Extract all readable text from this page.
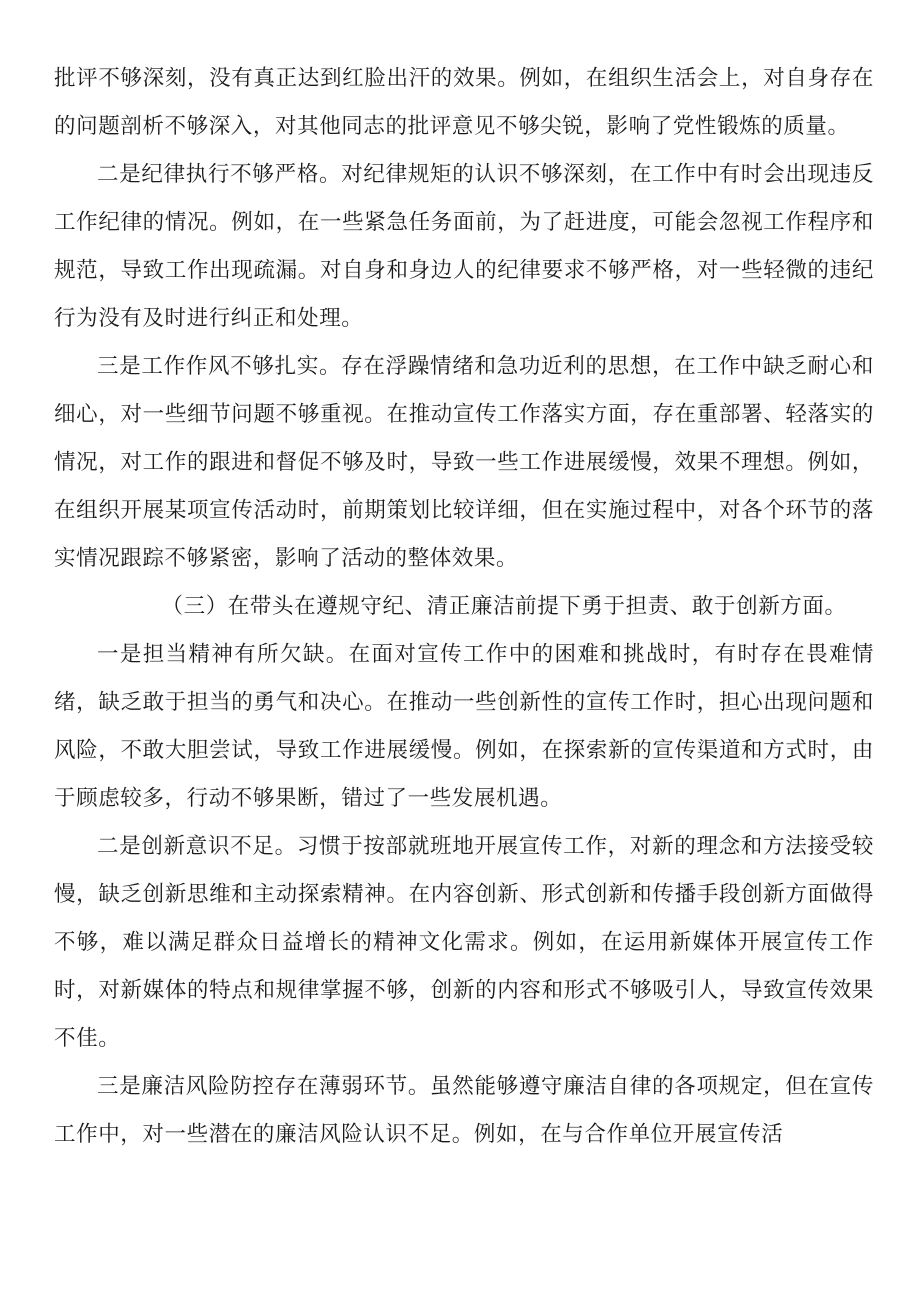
批评不够深刻，没有真正达到红脸出汗的效果。例如，在组织生活会上，对自身存在的问题剖析不够深入，对其他同志的批评意见不够尖锐，影响了党性锻炼的质量。

二是纪律执行不够严格。对纪律规矩的认识不够深刻，在工作中有时会出现违反工作纪律的情况。例如，在一些紧急任务面前，为了赶进度，可能会忽视工作程序和规范，导致工作出现疏漏。对自身和身边人的纪律要求不够严格，对一些轻微的违纪行为没有及时进行纠正和处理。

三是工作作风不够扎实。存在浮躁情绪和急功近利的思想，在工作中缺乏耐心和细心，对一些细节问题不够重视。在推动宣传工作落实方面，存在重部署、轻落实的情况，对工作的跟进和督促不够及时，导致一些工作进展缓慢，效果不理想。例如，在组织开展某项宣传活动时，前期策划比较详细，但在实施过程中，对各个环节的落实情况跟踪不够紧密，影响了活动的整体效果。

（三）在带头在遵规守纪、清正廉洁前提下勇于担责、敢于创新方面。

一是担当精神有所欠缺。在面对宣传工作中的困难和挑战时，有时存在畏难情绪，缺乏敢于担当的勇气和决心。在推动一些创新性的宣传工作时，担心出现问题和风险，不敢大胆尝试，导致工作进展缓慢。例如，在探索新的宣传渠道和方式时，由于顾虑较多，行动不够果断，错过了一些发展机遇。

二是创新意识不足。习惯于按部就班地开展宣传工作，对新的理念和方法接受较慢，缺乏创新思维和主动探索精神。在内容创新、形式创新和传播手段创新方面做得不够，难以满足群众日益增长的精神文化需求。例如，在运用新媒体开展宣传工作时，对新媒体的特点和规律掌握不够，创新的内容和形式不够吸引人，导致宣传效果不佳。

三是廉洁风险防控存在薄弱环节。虽然能够遵守廉洁自律的各项规定，但在宣传工作中，对一些潜在的廉洁风险认识不足。例如，在与合作单位开展宣传活
